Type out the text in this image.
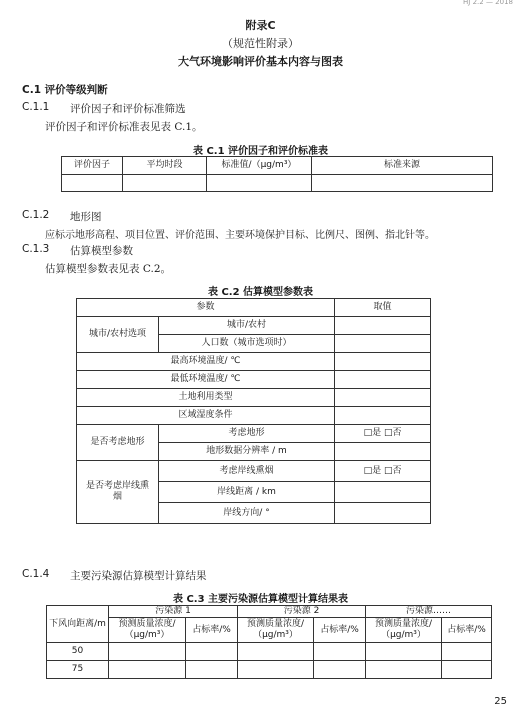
HJ 2.2 — 2018
附录C
（规范性附录）
大气环境影响评价基本内容与图表
C.1 评价等级判断
C.1.1 评价因子和评价标准筛选
评价因子和评价标准表见表 C.1。
表 C.1 评价因子和评价标准表
评价因子	平均时段	标准值/（μg/m³）	标准来源

C.1.2 地形图
应标示地形高程、项目位置、评价范围、主要环境保护目标、比例尺、图例、指北针等。
C.1.3 估算模型参数
估算模型参数表见表 C.2。
表 C.2 估算模型参数表
参数		取值
城市/农村选项	城市/农村	
	人口数（城市选项时）	
最高环境温度/ ℃		
最低环境温度/ ℃		
土地利用类型		
区域湿度条件		
是否考虑地形	考虑地形	□是 □否
	地形数据分辨率 / m	
是否考虑岸线熏烟	考虑岸线熏烟	□是 □否
	岸线距离 / km	
	岸线方向/ °	
C.1.4 主要污染源估算模型计算结果
表 C.3 主要污染源估算模型计算结果表
下风向距离/m	污染源 1		污染源 2		污染源……	
	预测质量浓度/（μg/m³）	占标率/%	预测质量浓度/（μg/m³）	占标率/%	预测质量浓度/（μg/m³）	占标率/%
50						
75						
25
